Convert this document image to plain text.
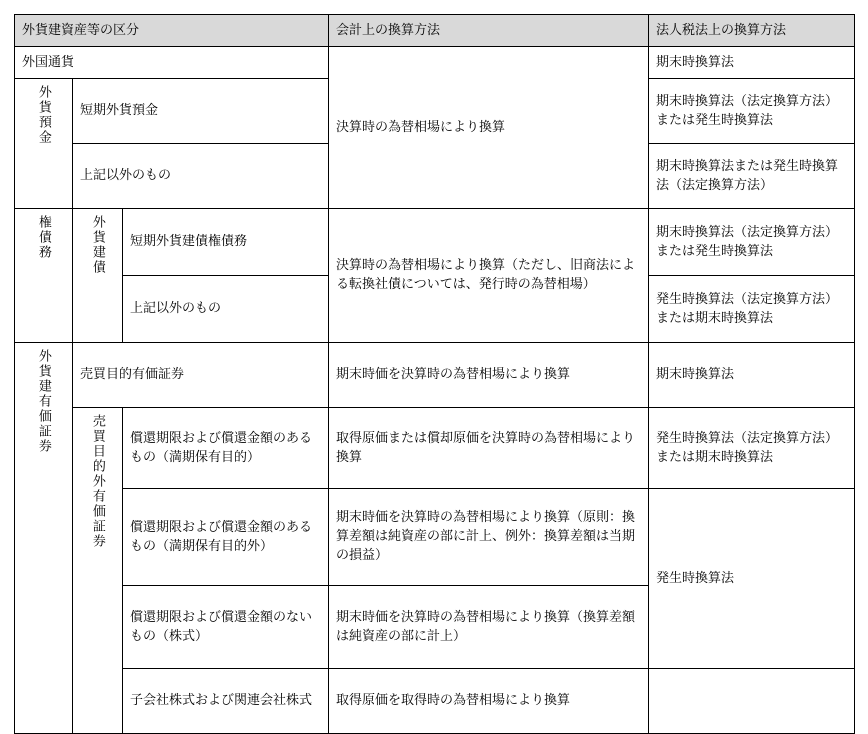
外貨建資産等の区分			会計上の換算方法	法人税法上の換算方法
外国通貨			決算時の為替相場により換算	期末時換算法
外貨預金	短期外貨預金			期末時換算法（法定換算方法）または発生時換算法
	上記以外のもの			期末時換算法または発生時換算法（法定換算方法）
権債務	外貨建債	短期外貨建債権債務	決算時の為替相場により換算（ただし、旧商法による転換社債については、発行時の為替相場）	期末時換算法（法定換算方法）または発生時換算法
		上記以外のもの		発生時換算法（法定換算方法）または期末時換算法
外貨建有価証券	売買目的有価証券		期末時価を決算時の為替相場により換算	期末時換算法
	売買目的外有価証券	償還期限および償還金額のあるもの（満期保有目的）	取得原価または償却原価を決算時の為替相場により換算	発生時換算法（法定換算方法）または期末時換算法
		償還期限および償還金額のあるもの（満期保有目的外）	期末時価を決算時の為替相場により換算（原則：換算差額は純資産の部に計上、例外：換算差額は当期の損益）	発生時換算法
		償還期限および償還金額のないもの（株式）	期末時価を決算時の為替相場により換算（換算差額は純資産の部に計上）	
		子会社株式および関連会社株式	取得原価を取得時の為替相場により換算	
